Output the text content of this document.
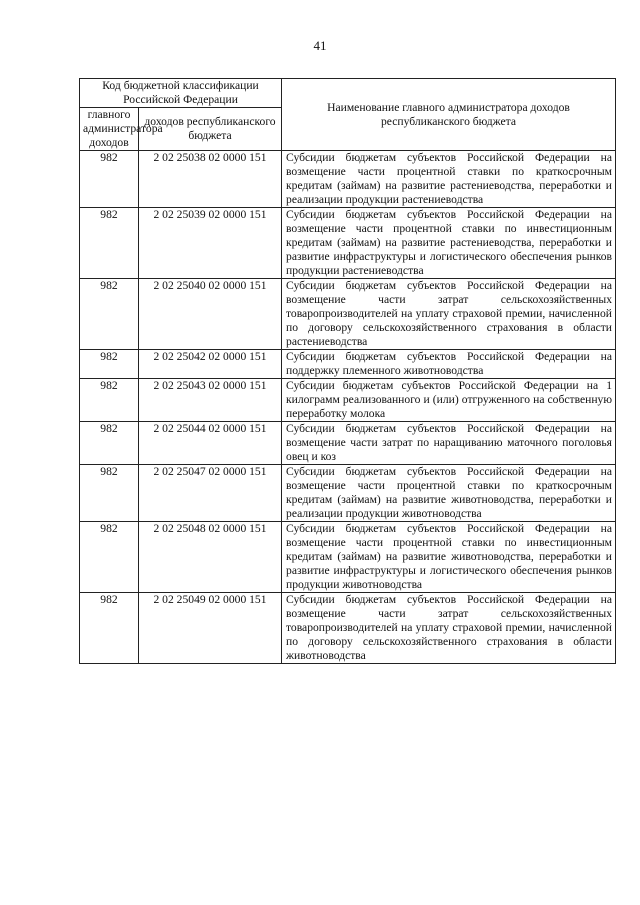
41
Код бюджетной классификации Российской Федерации		Наименование главного администратора доходов республиканского бюджета
главного администратора доходов	доходов республиканского бюджета	
982	2 02 25038 02 0000 151	Субсидии бюджетам субъектов Российской Федерации на возмещение части процентной ставки по краткосрочным кредитам (займам) на развитие растениеводства, переработки и реализации продукции растениеводства
982	2 02 25039 02 0000 151	Субсидии бюджетам субъектов Российской Федерации на возмещение части процентной ставки по инвестиционным кредитам (займам) на развитие растениеводства, переработки и развитие инфраструктуры и логистического обеспечения рынков продукции растениеводства
982	2 02 25040 02 0000 151	Субсидии бюджетам субъектов Российской Федерации на возмещение части затрат сельскохозяйственных товаропроизводителей на уплату страховой премии, начисленной по договору сельскохозяйственного страхования в области растениеводства
982	2 02 25042 02 0000 151	Субсидии бюджетам субъектов Российской Федерации на поддержку племенного животноводства
982	2 02 25043 02 0000 151	Субсидии бюджетам субъектов Российской Федерации на 1 килограмм реализованного и (или) отгруженного на собственную переработку молока
982	2 02 25044 02 0000 151	Субсидии бюджетам субъектов Российской Федерации на возмещение части затрат по наращиванию маточного поголовья овец и коз
982	2 02 25047 02 0000 151	Субсидии бюджетам субъектов Российской Федерации на возмещение части процентной ставки по краткосрочным кредитам (займам) на развитие животноводства, переработки и реализации продукции животноводства
982	2 02 25048 02 0000 151	Субсидии бюджетам субъектов Российской Федерации на возмещение части процентной ставки по инвестиционным кредитам (займам) на развитие животноводства, переработки и развитие инфраструктуры и логистического обеспечения рынков продукции животноводства
982	2 02 25049 02 0000 151	Субсидии бюджетам субъектов Российской Федерации на возмещение части затрат сельскохозяйственных товаропроизводителей на уплату страховой премии, начисленной по договору сельскохозяйственного страхования в области животноводства
